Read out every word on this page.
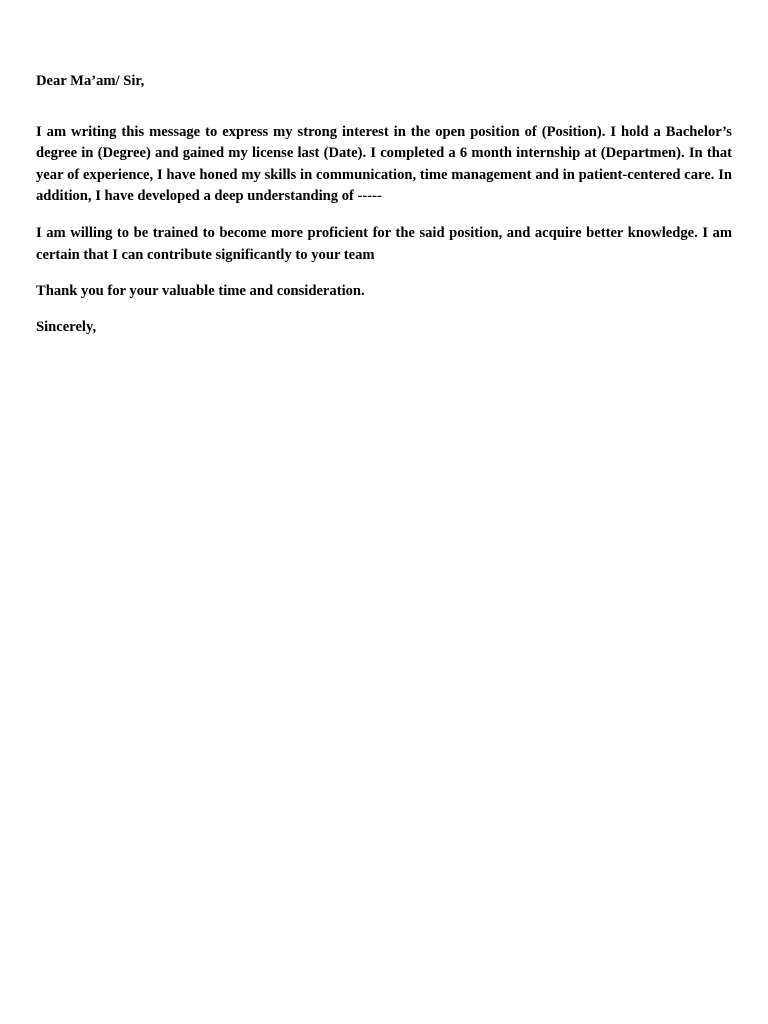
Dear Ma’am/ Sir,

I am writing this message to express my strong interest in the open position of (Position). I hold a Bachelor’s degree in (Degree) and gained my license last (Date). I completed a 6 month internship at (Departmen). In that year of experience, I have honed my skills in communication, time management and in patient-centered care. In addition, I have developed a deep understanding of -----

I am willing to be trained to become more proficient for the said position, and acquire better knowledge. I am certain that I can contribute significantly to your team

Thank you for your valuable time and consideration.

Sincerely,
